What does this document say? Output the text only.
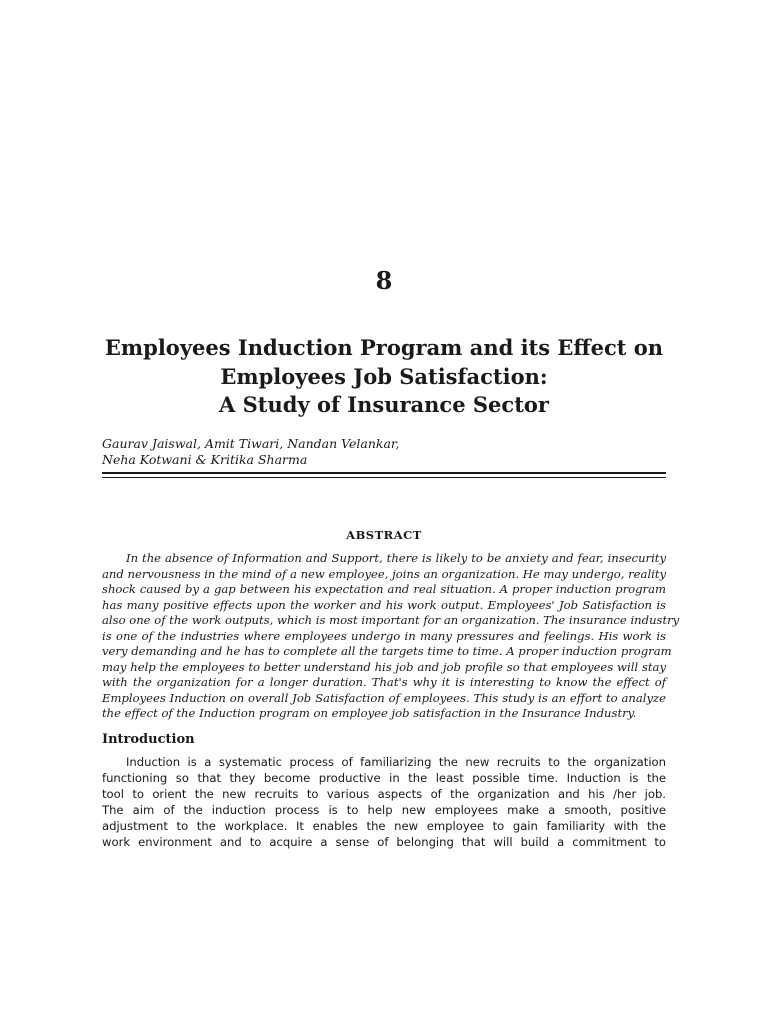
8
Employees Induction Program and its Effect on
Employees Job Satisfaction:
A Study of Insurance Sector
Gaurav Jaiswal, Amit Tiwari, Nandan Velankar,
Neha Kotwani & Kritika Sharma
ABSTRACT
In the absence of Information and Support, there is likely to be anxiety and fear, insecurity
and nervousness in the mind of a new employee, joins an organization. He may undergo, reality
shock caused by a gap between his expectation and real situation. A proper induction program
has many positive effects upon the worker and his work output. Employees' Job Satisfaction is
also one of the work outputs, which is most important for an organization. The insurance industry
is one of the industries where employees undergo in many pressures and feelings. His work is
very demanding and he has to complete all the targets time to time. A proper induction program
may help the employees to better understand his job and job profile so that employees will stay
with the organization for a longer duration. That's why it is interesting to know the effect of
Employees Induction on overall Job Satisfaction of employees. This study is an effort to analyze
the effect of the Induction program on employee job satisfaction in the Insurance Industry.
Introduction
Induction is a systematic process of familiarizing the new recruits to the organization
functioning so that they become productive in the least possible time. Induction is the
tool to orient the new recruits to various aspects of the organization and his /her job.
The aim of the induction process is to help new employees make a smooth, positive
adjustment to the workplace. It enables the new employee to gain familiarity with the
work environment and to acquire a sense of belonging that will build a commitment to
